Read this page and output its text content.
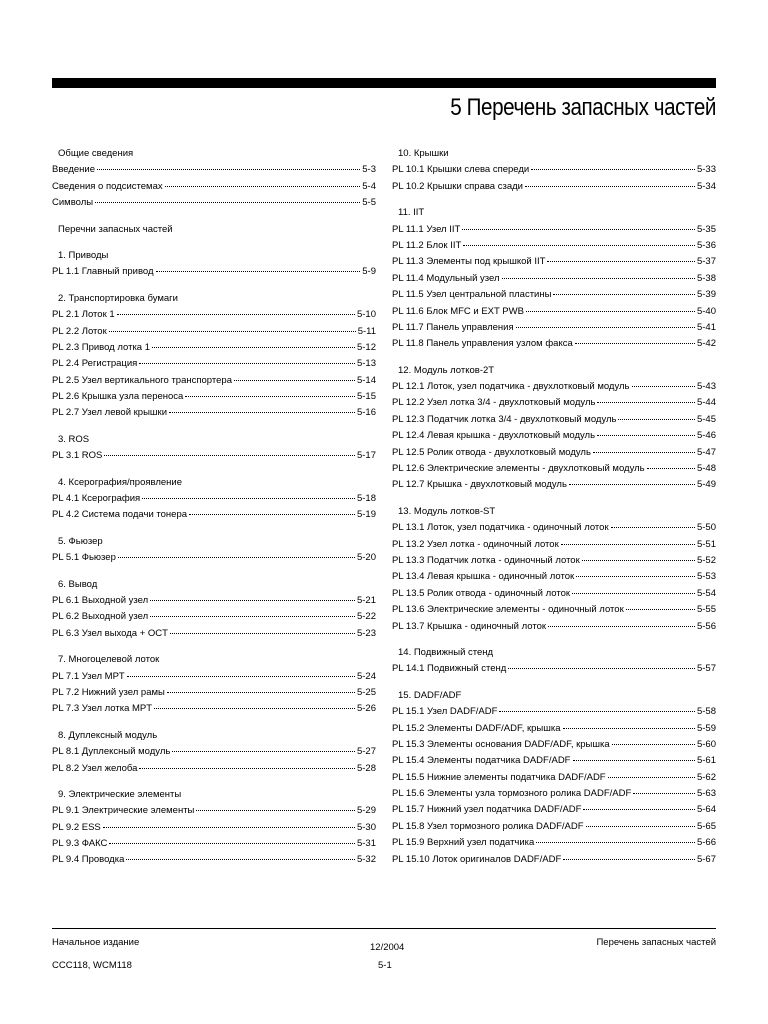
5 Перечень запасных частей
Общие сведения
Введение	5-3
Сведения о подсистемах	5-4
Символы	5-5
Перечни запасных частей
1. Приводы
PL 1.1 Главный привод	5-9
2. Транспортировка бумаги
PL 2.1 Лоток 1	5-10
PL 2.2 Лоток	5-11
PL 2.3 Привод лотка 1	5-12
PL 2.4 Регистрация	5-13
PL 2.5 Узел вертикального транспортера	5-14
PL 2.6 Крышка узла переноса	5-15
PL 2.7 Узел левой крышки	5-16
3. ROS
PL 3.1 ROS	5-17
4. Ксерография/проявление
PL 4.1 Ксерография	5-18
PL 4.2 Система подачи тонера	5-19
5. Фьюзер
PL 5.1 Фьюзер	5-20
6. Вывод
PL 6.1 Выходной узел	5-21
PL 6.2 Выходной узел	5-22
PL 6.3 Узел выхода + OCT	5-23
7. Многоцелевой лоток
PL 7.1 Узел MPT	5-24
PL 7.2 Нижний узел рамы	5-25
PL 7.3 Узел лотка MPT	5-26
8. Дуплексный модуль
PL 8.1 Дуплексный модуль	5-27
PL 8.2 Узел желоба	5-28
9. Электрические элементы
PL 9.1 Электрические элементы	5-29
PL 9.2 ESS	5-30
PL 9.3 ФАКС	5-31
PL 9.4 Проводка	5-32
10. Крышки
PL 10.1 Крышки слева спереди	5-33
PL 10.2 Крышки справа сзади	5-34
11. IIT
PL 11.1 Узел IIT	5-35
PL 11.2 Блок IIT	5-36
PL 11.3 Элементы под крышкой IIT	5-37
PL 11.4 Модульный узел	5-38
PL 11.5 Узел центральной пластины	5-39
PL 11.6 Блок MFC и EXT PWB	5-40
PL 11.7 Панель управления	5-41
PL 11.8 Панель управления узлом факса	5-42
12. Модуль лотков-2T
PL 12.1 Лоток, узел податчика - двухлотковый модуль	5-43
PL 12.2 Узел лотка 3/4 - двухлотковый модуль	5-44
PL 12.3 Податчик лотка 3/4 - двухлотковый модуль	5-45
PL 12.4 Левая крышка - двухлотковый модуль	5-46
PL 12.5 Ролик отвода - двухлотковый модуль	5-47
PL 12.6 Электрические элементы - двухлотковый модуль	5-48
PL 12.7 Крышка - двухлотковый модуль	5-49
13. Модуль лотков-ST
PL 13.1 Лоток, узел податчика - одиночный лоток	5-50
PL 13.2 Узел лотка - одиночный лоток	5-51
PL 13.3 Податчик лотка - одиночный лоток	5-52
PL 13.4 Левая крышка - одиночный лоток	5-53
PL 13.5 Ролик отвода - одиночный лоток	5-54
PL 13.6 Электрические элементы - одиночный лоток	5-55
PL 13.7 Крышка - одиночный лоток	5-56
14. Подвижный стенд
PL 14.1 Подвижный стенд	5-57
15. DADF/ADF
PL 15.1 Узел DADF/ADF	5-58
PL 15.2 Элементы DADF/ADF, крышка	5-59
PL 15.3 Элементы основания DADF/ADF, крышка	5-60
PL 15.4 Элементы податчика DADF/ADF	5-61
PL 15.5 Нижние элементы податчика DADF/ADF	5-62
PL 15.6 Элементы узла тормозного ролика DADF/ADF	5-63
PL 15.7 Нижний узел податчика DADF/ADF	5-64
PL 15.8 Узел тормозного ролика DADF/ADF	5-65
PL 15.9 Верхний узел податчика	5-66
PL 15.10 Лоток оригиналов DADF/ADF	5-67
Начальное издание
CCC118, WCM118
12/2004
5-1
Перечень запасных частей
